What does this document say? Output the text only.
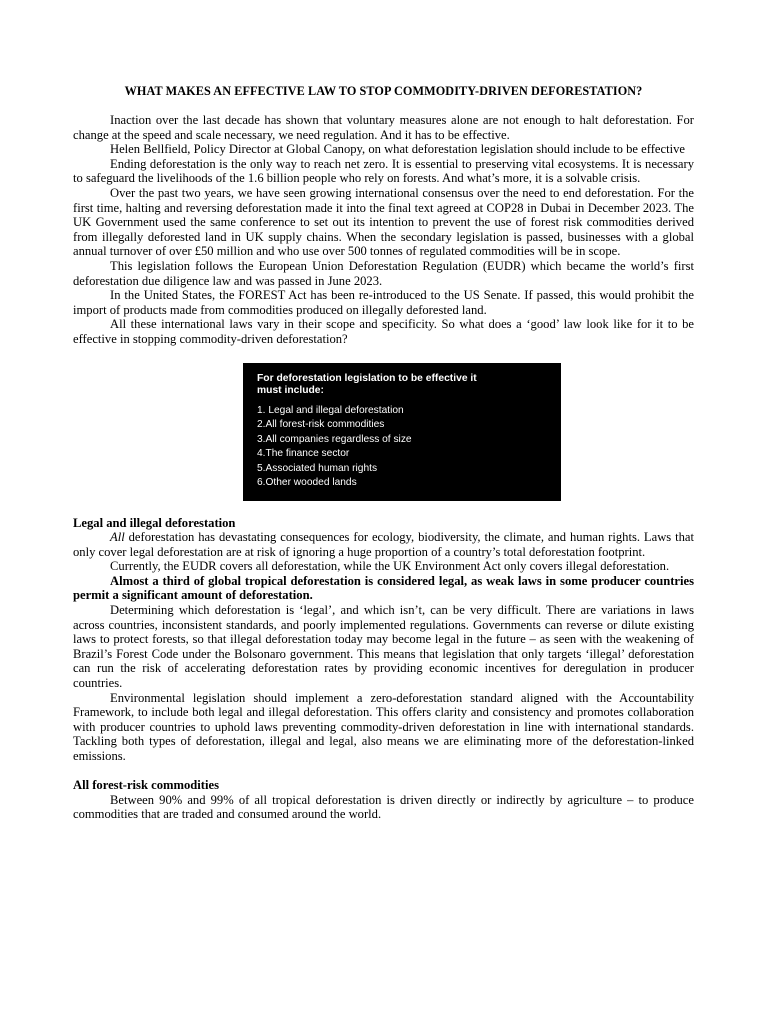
WHAT MAKES AN EFFECTIVE LAW TO STOP COMMODITY-DRIVEN DEFORESTATION?

Inaction over the last decade has shown that voluntary measures alone are not enough to halt deforestation. For change at the speed and scale necessary, we need regulation. And it has to be effective.

Helen Bellfield, Policy Director at Global Canopy, on what deforestation legislation should include to be effective

Ending deforestation is the only way to reach net zero. It is essential to preserving vital ecosystems. It is necessary to safeguard the livelihoods of the 1.6 billion people who rely on forests. And what’s more, it is a solvable crisis.

Over the past two years, we have seen growing international consensus over the need to end deforestation. For the first time, halting and reversing deforestation made it into the final text agreed at COP28 in Dubai in December 2023. The UK Government used the same conference to set out its intention to prevent the use of forest risk commodities derived from illegally deforested land in UK supply chains. When the secondary legislation is passed, businesses with a global annual turnover of over £50 million and who use over 500 tonnes of regulated commodities will be in scope.

This legislation follows the European Union Deforestation Regulation (EUDR) which became the world’s first deforestation due diligence law and was passed in June 2023.

In the United States, the FOREST Act has been re-introduced to the US Senate. If passed, this would prohibit the import of products made from commodities produced on illegally deforested land.

All these international laws vary in their scope and specificity. So what does a ‘good’ law look like for it to be effective in stopping commodity-driven deforestation?

For deforestation legislation to be effective it must include:
1. Legal and illegal deforestation
2.All forest-risk commodities
3.All companies regardless of size
4.The finance sector
5.Associated human rights
6.Other wooded lands
Legal and illegal deforestation

All deforestation has devastating consequences for ecology, biodiversity, the climate, and human rights. Laws that only cover legal deforestation are at risk of ignoring a huge proportion of a country’s total deforestation footprint.

Currently, the EUDR covers all deforestation, while the UK Environment Act only covers illegal deforestation.

Almost a third of global tropical deforestation is considered legal, as weak laws in some producer countries permit a significant amount of deforestation.

Determining which deforestation is ‘legal’, and which isn’t, can be very difficult. There are variations in laws across countries, inconsistent standards, and poorly implemented regulations. Governments can reverse or dilute existing laws to protect forests, so that illegal deforestation today may become legal in the future – as seen with the weakening of Brazil’s Forest Code under the Bolsonaro government. This means that legislation that only targets ‘illegal’ deforestation can run the risk of accelerating deforestation rates by providing economic incentives for deregulation in producer countries.

Environmental legislation should implement a zero-deforestation standard aligned with the Accountability Framework, to include both legal and illegal deforestation. This offers clarity and consistency and promotes collaboration with producer countries to uphold laws preventing commodity-driven deforestation in line with international standards. Tackling both types of deforestation, illegal and legal, also means we are eliminating more of the deforestation-linked emissions.

All forest-risk commodities

Between 90% and 99% of all tropical deforestation is driven directly or indirectly by agriculture – to produce commodities that are traded and consumed around the world.
